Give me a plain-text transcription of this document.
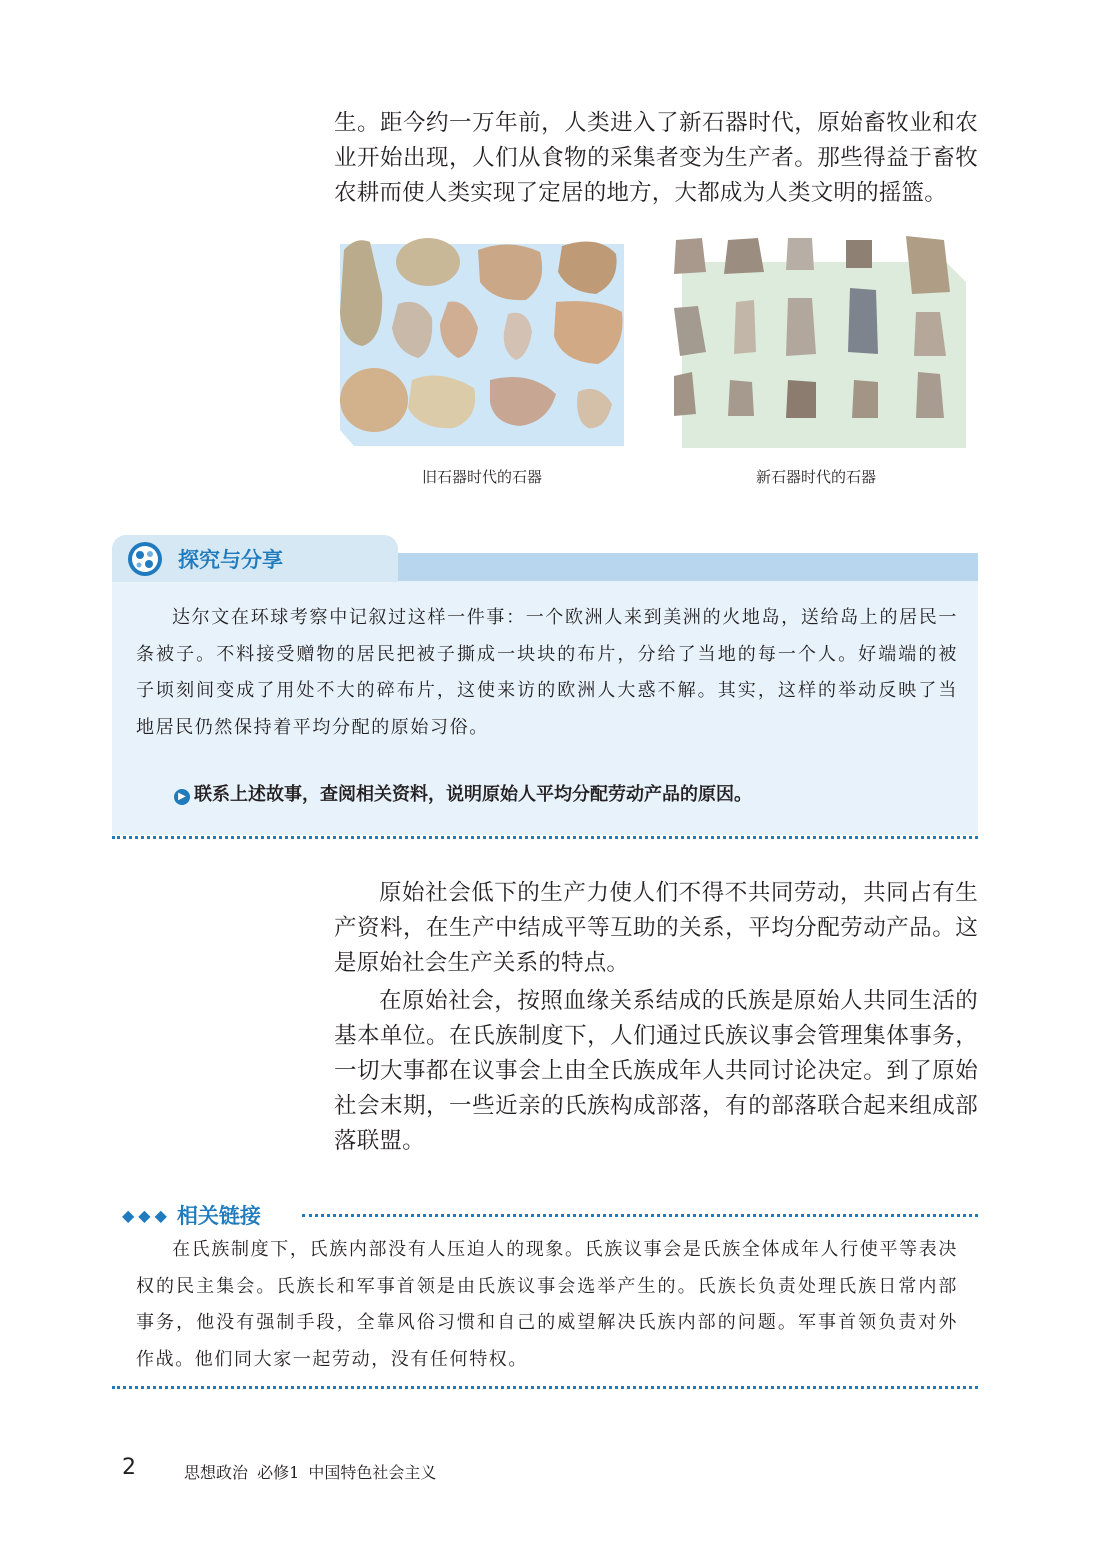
生。距今约一万年前，人类进入了新石器时代，原始畜牧业和农业开始出现，人们从食物的采集者变为生产者。那些得益于畜牧农耕而使人类实现了定居的地方，大都成为人类文明的摇篮。

旧石器时代的石器	新石器时代的石器
探究与分享

达尔文在环球考察中记叙过这样一件事：一个欧洲人来到美洲的火地岛，送给岛上的居民一条被子。不料接受赠物的居民把被子撕成一块块的布片，分给了当地的每一个人。好端端的被子顷刻间变成了用处不大的碎布片，这使来访的欧洲人大惑不解。其实，这样的举动反映了当地居民仍然保持着平均分配的原始习俗。

▶ 联系上述故事，查阅相关资料，说明原始人平均分配劳动产品的原因。

原始社会低下的生产力使人们不得不共同劳动，共同占有生产资料，在生产中结成平等互助的关系，平均分配劳动产品。这是原始社会生产关系的特点。

在原始社会，按照血缘关系结成的氏族是原始人共同生活的基本单位。在氏族制度下，人们通过氏族议事会管理集体事务，一切大事都在议事会上由全氏族成年人共同讨论决定。到了原始社会末期，一些近亲的氏族构成部落，有的部落联合起来组成部落联盟。

◆◆◆ 相关链接

在氏族制度下，氏族内部没有人压迫人的现象。氏族议事会是氏族全体成年人行使平等表决权的民主集会。氏族长和军事首领是由氏族议事会选举产生的。氏族长负责处理氏族日常内部事务，他没有强制手段，全靠风俗习惯和自己的威望解决氏族内部的问题。军事首领负责对外作战。他们同大家一起劳动，没有任何特权。

2	思想政治 必修1 中国特色社会主义
